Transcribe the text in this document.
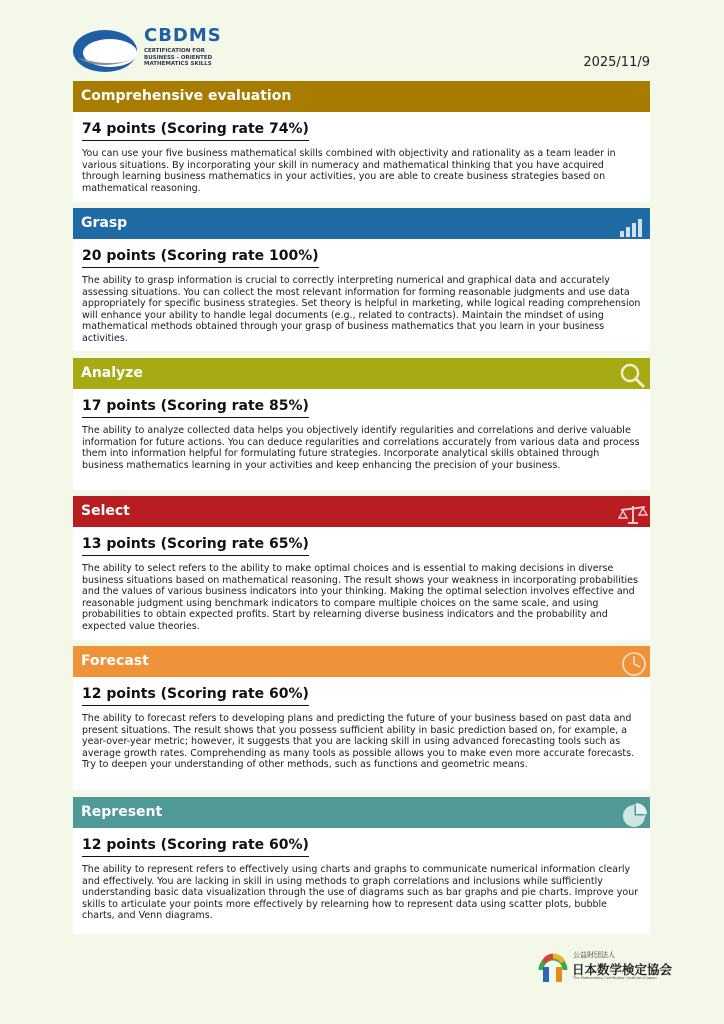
CBDMS
CERTIFICATION FOR
BUSINESS - ORIENTED
MATHEMATICS SKILLS	2025/11/9
Comprehensive evaluation
74 points (Scoring rate 74%)
You can use your five business mathematical skills combined with objectivity and rationality as a team leader in various situations. By incorporating your skill in numeracy and mathematical thinking that you have acquired through learning business mathematics in your activities, you are able to create business strategies based on mathematical reasoning.
Grasp
20 points (Scoring rate 100%)
The ability to grasp information is crucial to correctly interpreting numerical and graphical data and accurately assessing situations. You can collect the most relevant information for forming reasonable judgments and use data appropriately for specific business strategies. Set theory is helpful in marketing, while logical reading comprehension will enhance your ability to handle legal documents (e.g., related to contracts). Maintain the mindset of using mathematical methods obtained through your grasp of business mathematics that you learn in your business activities.
Analyze
17 points (Scoring rate 85%)
The ability to analyze collected data helps you objectively identify regularities and correlations and derive valuable information for future actions. You can deduce regularities and correlations accurately from various data and process them into information helpful for formulating future strategies. Incorporate analytical skills obtained through business mathematics learning in your activities and keep enhancing the precision of your business.
Select
13 points (Scoring rate 65%)
The ability to select refers to the ability to make optimal choices and is essential to making decisions in diverse business situations based on mathematical reasoning. The result shows your weakness in incorporating probabilities and the values of various business indicators into your thinking. Making the optimal selection involves effective and reasonable judgment using benchmark indicators to compare multiple choices on the same scale, and using probabilities to obtain expected profits. Start by relearning diverse business indicators and the probability and expected value theories.
Forecast
12 points (Scoring rate 60%)
The ability to forecast refers to developing plans and predicting the future of your business based on past data and present situations. The result shows that you possess sufficient ability in basic prediction based on, for example, a year-over-year metric; however, it suggests that you are lacking skill in using advanced forecasting tools such as average growth rates. Comprehending as many tools as possible allows you to make even more accurate forecasts. Try to deepen your understanding of other methods, such as functions and geometric means.
Represent
12 points (Scoring rate 60%)
The ability to represent refers to effectively using charts and graphs to communicate numerical information clearly and effectively. You are lacking in skill in using methods to graph correlations and inclusions while sufficiently understanding basic data visualization through the use of diagrams such as bar graphs and pie charts. Improve your skills to articulate your points more effectively by relearning how to represent data using scatter plots, bubble charts, and Venn diagrams.
公益財団法人
日本数学検定協会
The Mathematics Certification Institute of Japan
